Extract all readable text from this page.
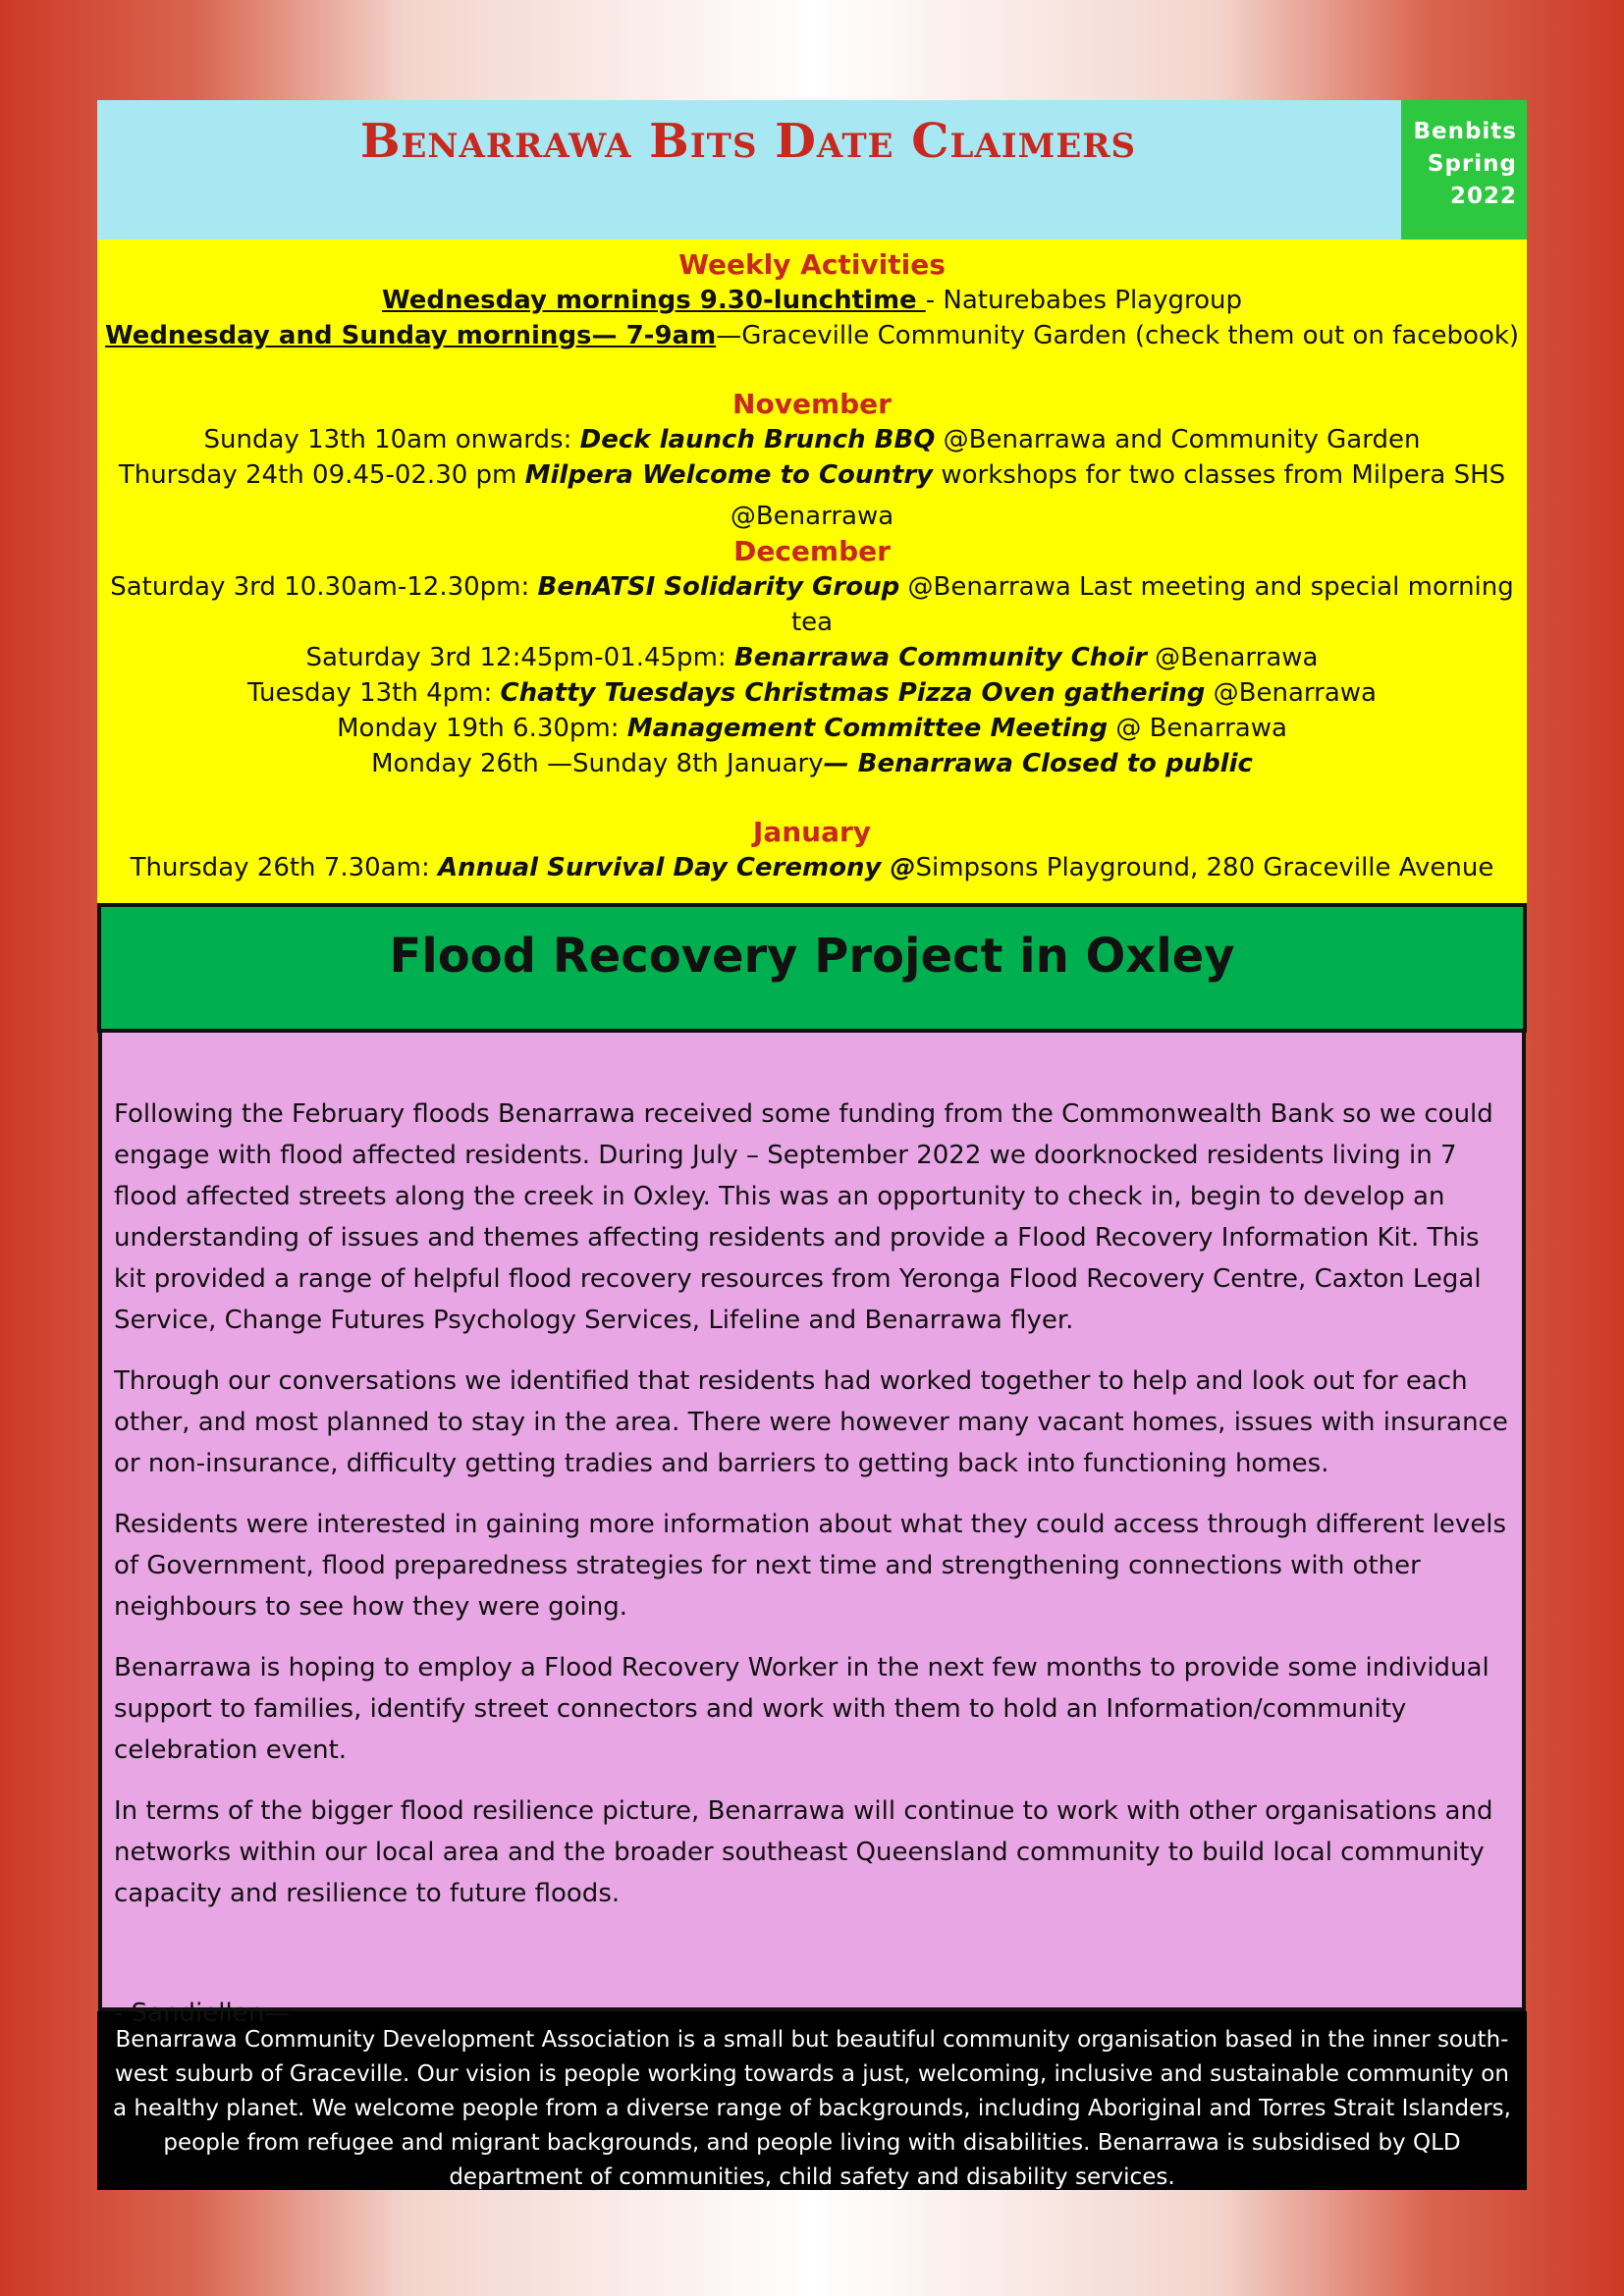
Benarrawa Bits Date Claimers	Benbits
Spring
2022
Weekly Activities
Wednesday mornings 9.30-lunchtime - Naturebabes Playgroup
Wednesday and Sunday mornings— 7-9am—Graceville Community Garden (check them out on facebook)
November
Sunday 13th 10am onwards: Deck launch Brunch BBQ @Benarrawa and Community Garden
Thursday 24th 09.45-02.30 pm Milpera Welcome to Country workshops for two classes from Milpera SHS
@Benarrawa
December
Saturday 3rd 10.30am-12.30pm: BenATSI Solidarity Group @Benarrawa Last meeting and special morning tea
Saturday 3rd 12:45pm-01.45pm: Benarrawa Community Choir @Benarrawa
Tuesday 13th 4pm: Chatty Tuesdays Christmas Pizza Oven gathering @Benarrawa
Monday 19th 6.30pm: Management Committee Meeting @ Benarrawa
Monday 26th —Sunday 8th January— Benarrawa Closed to public
January
Thursday 26th 7.30am: Annual Survival Day Ceremony @Simpsons Playground, 280 Graceville Avenue
Flood Recovery Project in Oxley

Following the February floods Benarrawa received some funding from the Commonwealth Bank so we could engage with flood affected residents. During July – September 2022 we doorknocked residents living in 7 flood affected streets along the creek in Oxley. This was an opportunity to check in, begin to develop an understanding of issues and themes affecting residents and provide a Flood Recovery Information Kit. This kit provided a range of helpful flood recovery resources from Yeronga Flood Recovery Centre, Caxton Legal Service, Change Futures Psychology Services, Lifeline and Benarrawa flyer.

Through our conversations we identified that residents had worked together to help and look out for each other, and most planned to stay in the area. There were however many vacant homes, issues with insurance or non-insurance, difficulty getting tradies and barriers to getting back into functioning homes.

Residents were interested in gaining more information about what they could access through different levels of Government, flood preparedness strategies for next time and strengthening connections with other neighbours to see how they were going.

Benarrawa is hoping to employ a Flood Recovery Worker in the next few months to provide some individual support to families, identify street connectors and work with them to hold an Information/community celebration event.

In terms of the bigger flood resilience picture, Benarrawa will continue to work with other organisations and networks within our local area and the broader southeast Queensland community to build local community capacity and resilience to future floods.

- Sandiellen—

Benarrawa Community Development Association is a small but beautiful community organisation based in the inner south-west suburb of Graceville. Our vision is people working towards a just, welcoming, inclusive and sustainable community on a healthy planet. We welcome people from a diverse range of backgrounds, including Aboriginal and Torres Strait Islanders, people from refugee and migrant backgrounds, and people living with disabilities. Benarrawa is subsidised by QLD department of communities, child safety and disability services.
